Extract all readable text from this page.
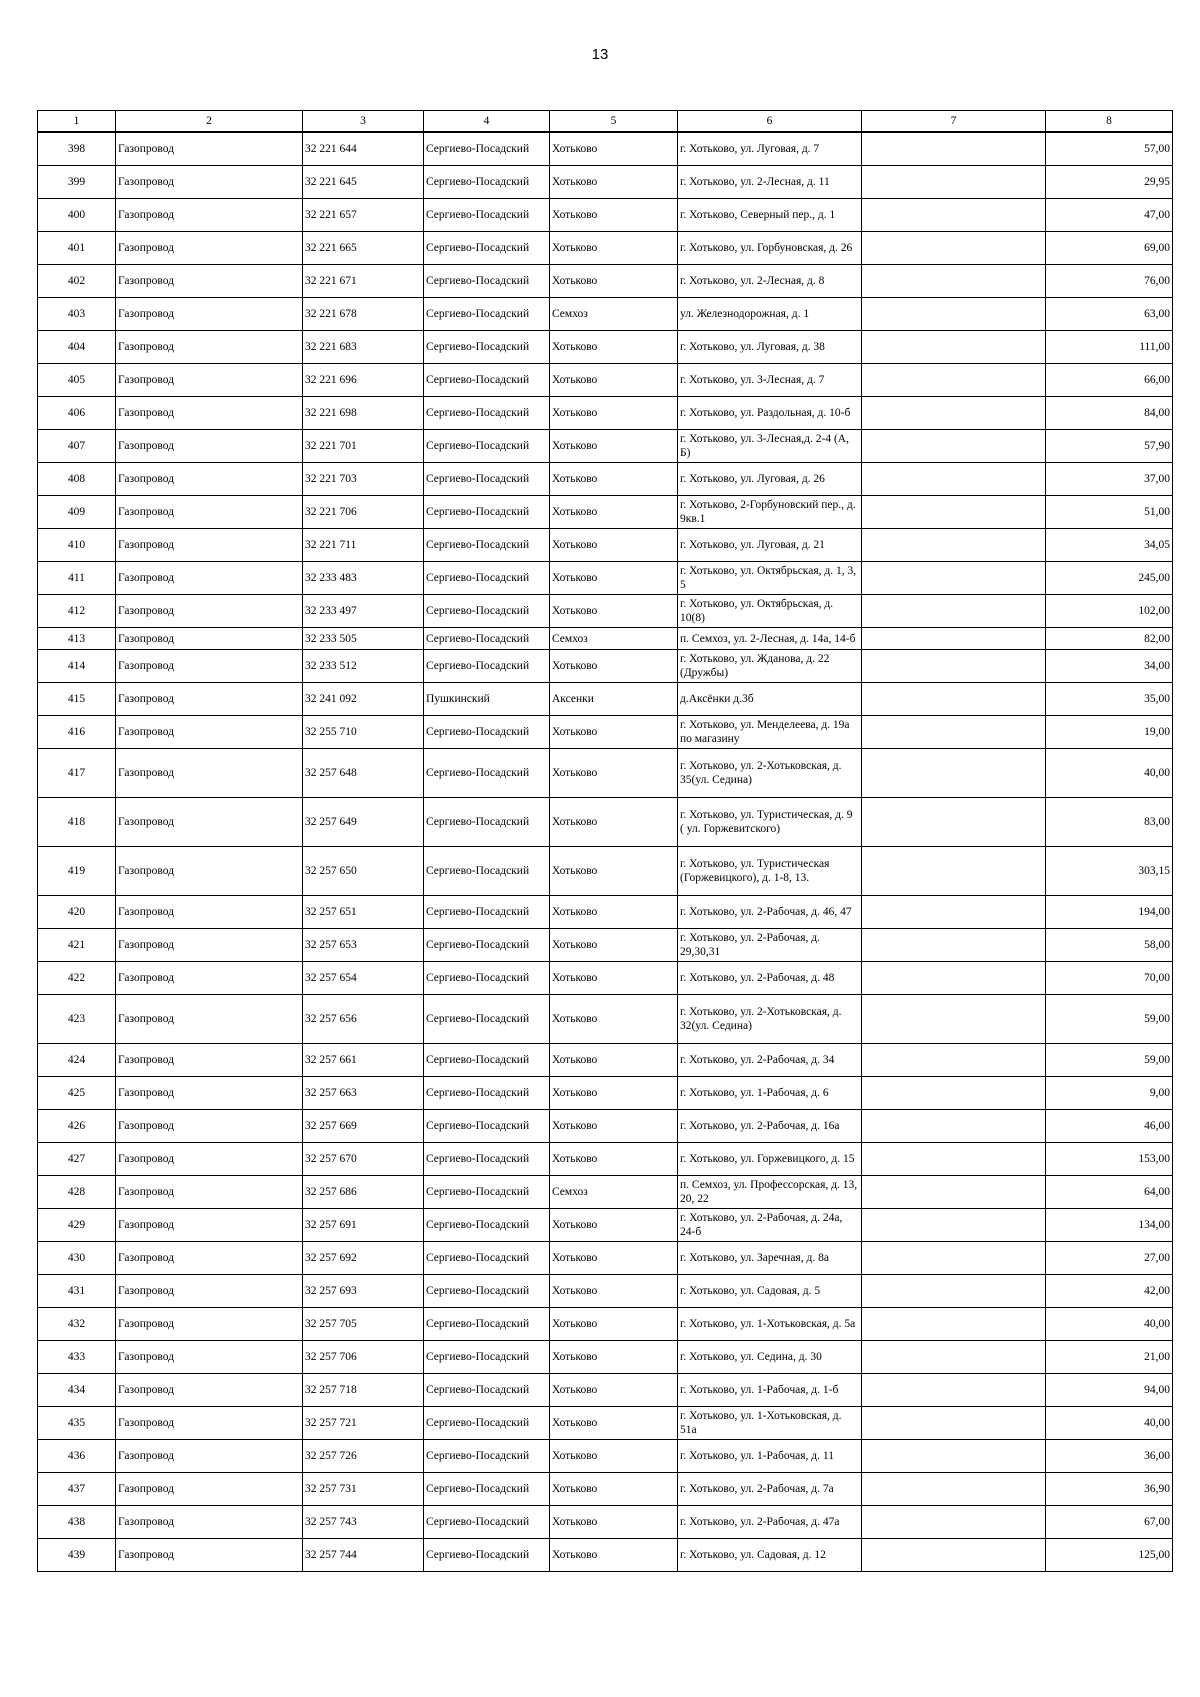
13
1	2	3	4	5	6	7	8
398	Газопровод	32 221 644	Сергиево-Посадский	Хотьково	г. Хотьково, ул. Луговая, д. 7		57,00
399	Газопровод	32 221 645	Сергиево-Посадский	Хотьково	г. Хотьково, ул. 2-Лесная, д. 11		29,95
400	Газопровод	32 221 657	Сергиево-Посадский	Хотьково	г. Хотьково, Северный пер., д. 1		47,00
401	Газопровод	32 221 665	Сергиево-Посадский	Хотьково	г. Хотьково, ул. Горбуновская, д. 26		69,00
402	Газопровод	32 221 671	Сергиево-Посадский	Хотьково	г. Хотьково, ул. 2-Лесная, д. 8		76,00
403	Газопровод	32 221 678	Сергиево-Посадский	Семхоз	ул. Железнодорожная, д. 1		63,00
404	Газопровод	32 221 683	Сергиево-Посадский	Хотьково	г. Хотьково, ул. Луговая, д. 38		111,00
405	Газопровод	32 221 696	Сергиево-Посадский	Хотьково	г. Хотьково, ул. 3-Лесная, д. 7		66,00
406	Газопровод	32 221 698	Сергиево-Посадский	Хотьково	г. Хотьково, ул. Раздольная, д. 10-б		84,00
407	Газопровод	32 221 701	Сергиево-Посадский	Хотьково	г. Хотьково, ул. 3-Лесная,д. 2-4 (А, Б)		57,90
408	Газопровод	32 221 703	Сергиево-Посадский	Хотьково	г. Хотьково, ул. Луговая, д. 26		37,00
409	Газопровод	32 221 706	Сергиево-Посадский	Хотьково	г. Хотьково, 2-Горбуновский пер., д. 9кв.1		51,00
410	Газопровод	32 221 711	Сергиево-Посадский	Хотьково	г. Хотьково, ул. Луговая, д. 21		34,05
411	Газопровод	32 233 483	Сергиево-Посадский	Хотьково	г. Хотьково, ул. Октябрьская, д. 1, 3, 5		245,00
412	Газопровод	32 233 497	Сергиево-Посадский	Хотьково	г. Хотьково, ул. Октябрьская, д. 10(8)		102,00
413	Газопровод	32 233 505	Сергиево-Посадский	Семхоз	п. Семхоз, ул. 2-Лесная, д. 14а, 14-б		82,00
414	Газопровод	32 233 512	Сергиево-Посадский	Хотьково	г. Хотьково, ул. Жданова, д. 22 (Дружбы)		34,00
415	Газопровод	32 241 092	Пушкинский	Аксенки	д.Аксёнки д.3б		35,00
416	Газопровод	32 255 710	Сергиево-Посадский	Хотьково	г. Хотьково, ул. Менделеева, д. 19а по магазину		19,00
417	Газопровод	32 257 648	Сергиево-Посадский	Хотьково	г. Хотьково, ул. 2-Хотьковская, д. 35(ул. Седина)		40,00
418	Газопровод	32 257 649	Сергиево-Посадский	Хотьково	г. Хотьково, ул. Туристическая, д. 9 ( ул. Горжевитского)		83,00
419	Газопровод	32 257 650	Сергиево-Посадский	Хотьково	г. Хотьково, ул. Туристическая (Горжевицкого), д. 1-8, 13.		303,15
420	Газопровод	32 257 651	Сергиево-Посадский	Хотьково	г. Хотьково, ул. 2-Рабочая, д. 46, 47		194,00
421	Газопровод	32 257 653	Сергиево-Посадский	Хотьково	г. Хотьково, ул. 2-Рабочая, д. 29,30,31		58,00
422	Газопровод	32 257 654	Сергиево-Посадский	Хотьково	г. Хотьково, ул. 2-Рабочая, д. 48		70,00
423	Газопровод	32 257 656	Сергиево-Посадский	Хотьково	г. Хотьково, ул. 2-Хотьковская, д. 32(ул. Седина)		59,00
424	Газопровод	32 257 661	Сергиево-Посадский	Хотьково	г. Хотьково, ул. 2-Рабочая, д. 34		59,00
425	Газопровод	32 257 663	Сергиево-Посадский	Хотьково	г. Хотьково, ул. 1-Рабочая, д. 6		9,00
426	Газопровод	32 257 669	Сергиево-Посадский	Хотьково	г. Хотьково, ул. 2-Рабочая, д. 16а		46,00
427	Газопровод	32 257 670	Сергиево-Посадский	Хотьково	г. Хотьково, ул. Горжевицкого, д. 15		153,00
428	Газопровод	32 257 686	Сергиево-Посадский	Семхоз	п. Семхоз, ул. Профессорская, д. 13, 20, 22		64,00
429	Газопровод	32 257 691	Сергиево-Посадский	Хотьково	г. Хотьково, ул. 2-Рабочая, д. 24а, 24-б		134,00
430	Газопровод	32 257 692	Сергиево-Посадский	Хотьково	г. Хотьково, ул. Заречная, д. 8а		27,00
431	Газопровод	32 257 693	Сергиево-Посадский	Хотьково	г. Хотьково, ул. Садовая, д. 5		42,00
432	Газопровод	32 257 705	Сергиево-Посадский	Хотьково	г. Хотьково, ул. 1-Хотьковская, д. 5а		40,00
433	Газопровод	32 257 706	Сергиево-Посадский	Хотьково	г. Хотьково, ул. Седина, д. 30		21,00
434	Газопровод	32 257 718	Сергиево-Посадский	Хотьково	г. Хотьково, ул. 1-Рабочая, д. 1-б		94,00
435	Газопровод	32 257 721	Сергиево-Посадский	Хотьково	г. Хотьково, ул. 1-Хотьковская, д. 51а		40,00
436	Газопровод	32 257 726	Сергиево-Посадский	Хотьково	г. Хотьково, ул. 1-Рабочая, д. 11		36,00
437	Газопровод	32 257 731	Сергиево-Посадский	Хотьково	г. Хотьково, ул. 2-Рабочая, д. 7а		36,90
438	Газопровод	32 257 743	Сергиево-Посадский	Хотьково	г. Хотьково, ул. 2-Рабочая, д. 47а		67,00
439	Газопровод	32 257 744	Сергиево-Посадский	Хотьково	г. Хотьково, ул. Садовая, д. 12		125,00
